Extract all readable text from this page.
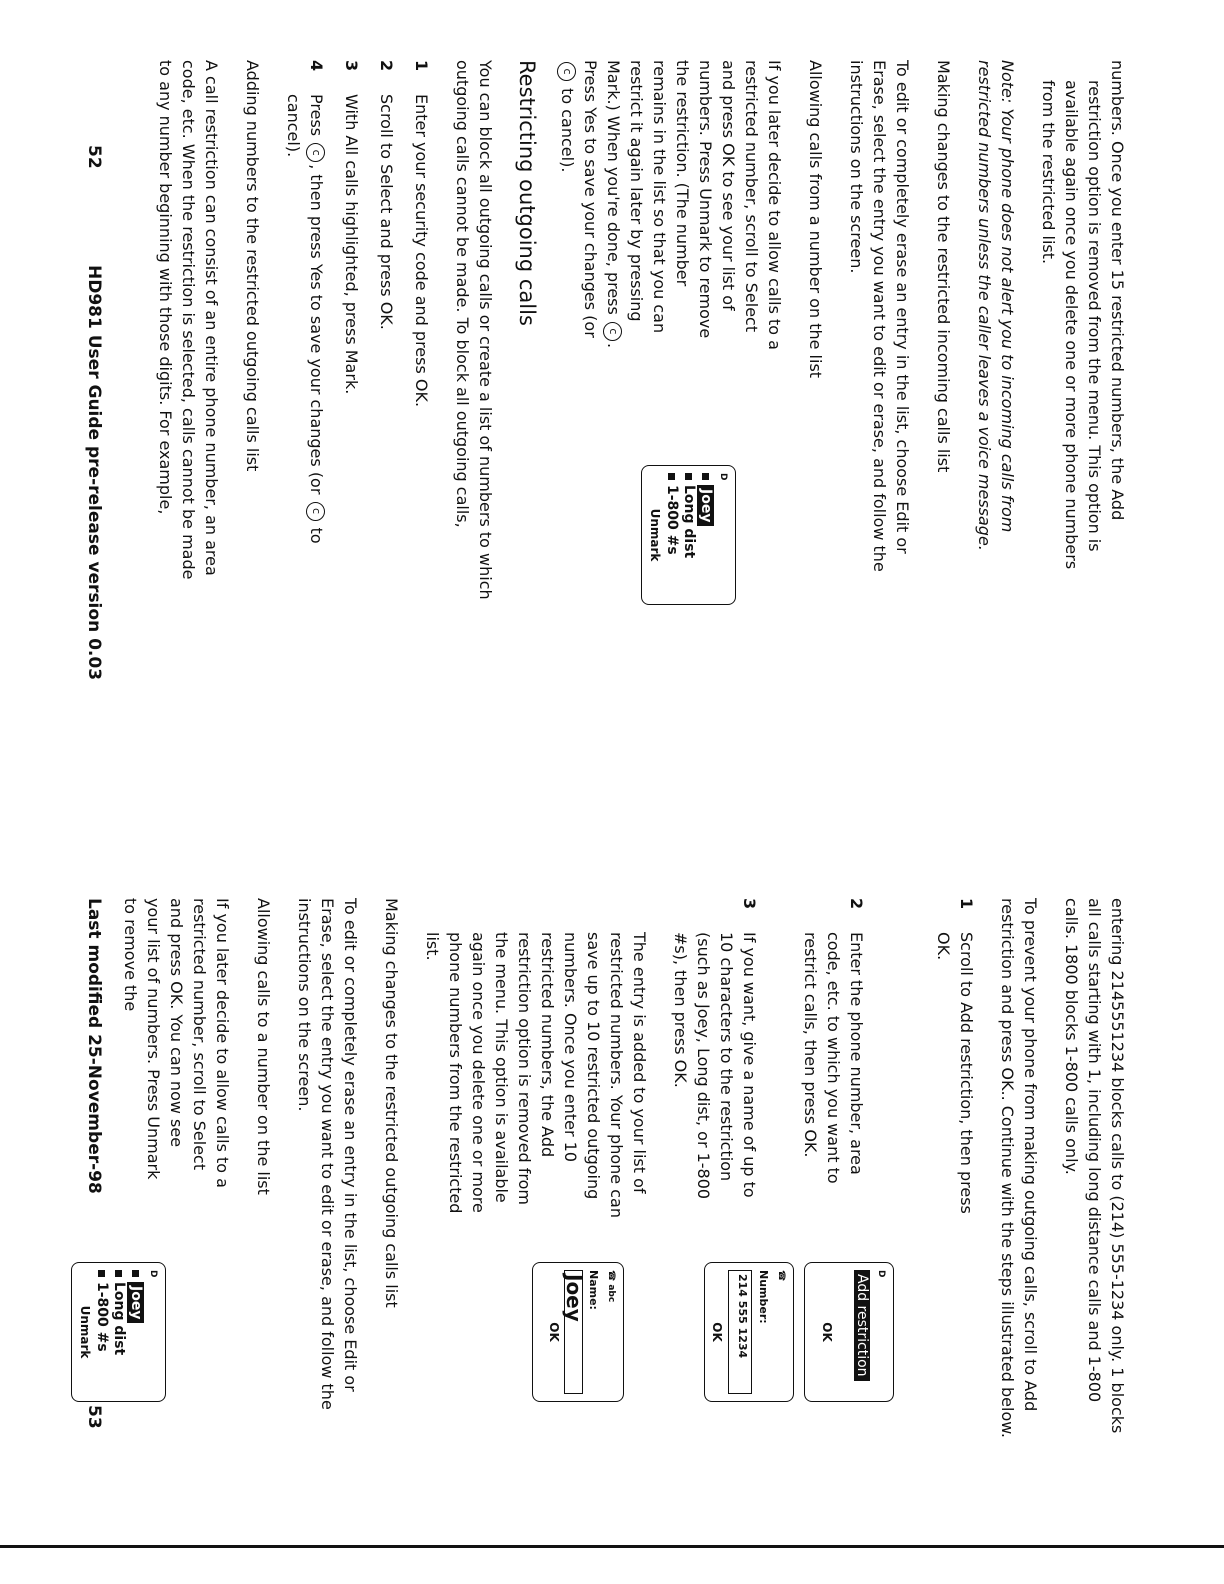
numbers. Once you enter 15 restricted numbers, the Add restriction option is removed from the menu. This option is available again once you delete one or more phone numbers from the restricted list.

Note: Your phone does not alert you to incoming calls from restricted numbers unless the caller leaves a voice message.

Making changes to the restricted incoming calls list

To edit or completely erase an entry in the list, choose Edit or Erase, select the entry you want to edit or erase, and follow the instructions on the screen.

Allowing calls from a number on the list

If you later decide to allow calls to a restricted number, scroll to Select and press OK to see your list of numbers. Press Unmark to remove the restriction. (The number remains in the list so that you can restrict it again later by pressing Mark.) When you're done, press c. Press Yes to save your changes (or c to cancel).

Restricting outgoing calls

You can block all outgoing calls or create a list of numbers to which outgoing calls cannot be made. To block all outgoing calls,

1
Enter your security code and press OK.
2
Scroll to Select and press OK.
3
With All calls highlighted, press Mark.
4
Press c, then press Yes to save your changes (or c to cancel).

Adding numbers to the restricted outgoing calls list

A call restriction can consist of an entire phone number, an area code, etc. When the restriction is selected, calls cannot be made to any number beginning with those digits. For example,	D
Joey
Long dist
1-800 #s
Unmark
52
HD981 User Guide pre-release version 0.03

entering 2145551234 blocks calls to (214) 555-1234 only. 1 blocks all calls starting with 1, including long distance calls and 1-800 calls. 1800 blocks 1-800 calls only.

To prevent your phone from making outgoing calls, scroll to Add restriction and press OK.. Continue with the steps illustrated below.

1
Scroll to Add restriction, then press OK.
2
Enter the phone number, area code, etc. to which you want to restrict calls, then press OK.
3
If you want, give a name of up to 10 characters to the restriction (such as Joey, Long dist, or 1-800 #s), then press OK.

The entry is added to your list of restricted numbers. Your phone can save up to 10 restricted outgoing numbers. Once you enter 10 restricted numbers, the Add restriction option is removed from the menu. This option is available again once you delete one or more phone numbers from the restricted list.

Making changes to the restricted outgoing calls list

To edit or completely erase an entry in the list, choose Edit or Erase, select the entry you want to edit or erase, and follow the instructions on the screen.

Allowing calls to a number on the list

If you later decide to allow calls to a restricted number, scroll to Select and press OK. You can now see your list of numbers. Press Unmark to remove the

D
Add restriction
OK
☎
Number:
214 555 1234
OK
☎ abc
Name:
Joey
OK
D
Joey
Long dist
1-800 #s
Unmark
Last modified 25-November-98
53
